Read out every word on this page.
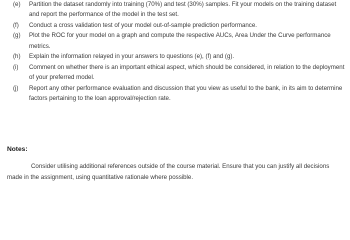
(e)	Partition the dataset randomly into training (70%) and test (30%) samples. Fit your models on the training dataset and report the performance of the model in the test set.
(f)	Conduct a cross validation test of your model out-of-sample prediction performance.
(g)	Plot the ROC for your model on a graph and compute the respective AUCs, Area Under the Curve performance metrics.
(h)	Explain the information relayed in your answers to questions (e), (f) and (g).
(i)	Comment on whether there is an important ethical aspect, which should be considered, in relation to the deployment of your preferred model.
(j)	Report any other performance evaluation and discussion that you view as useful to the bank, in its aim to determine factors pertaining to the loan approval/rejection rate.
Notes:

Consider utilising additional references outside of the course material. Ensure that you can justify all decisions made in the assignment, using quantitative rationale where possible.
